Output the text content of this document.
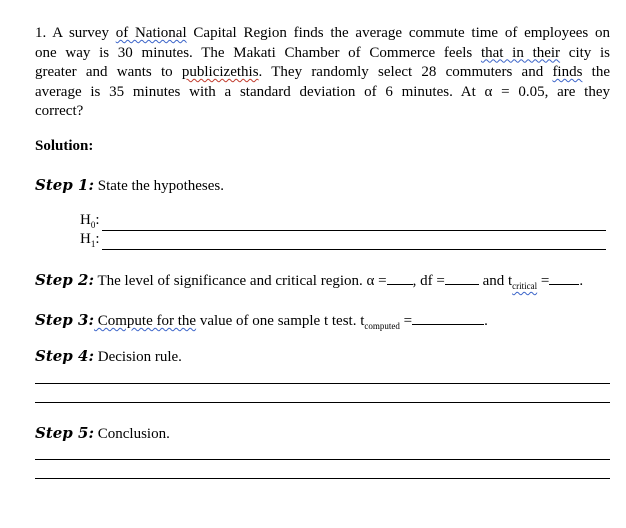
1. A survey of National Capital Region finds the average commute time of employees on
one way is 30 minutes. The Makati Chamber of Commerce feels that in their city is
greater and wants to publicizethis. They randomly select 28 commuters and finds the
average is 35 minutes with a standard deviation of 6 minutes. At α = 0.05, are they
correct?
Solution:
Step 1: State the hypotheses.
$H_0$:
$H_1$:
Step 2: The level of significance and critical region. α = , df = and $t_{critical}$ = .
Step 3: Compute for the value of one sample t test. $t_{computed}$ =	.
Step 4: Decision rule.
Step 5: Conclusion.
